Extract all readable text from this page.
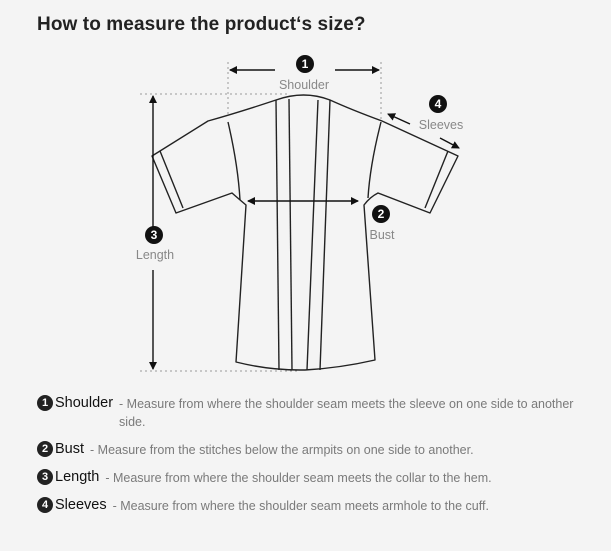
How to measure the product‘s size?
1
Shoulder
2
Bust
3
Length
4
Sleeves
1 Shoulder - Measure from where the shoulder seam meets the sleeve on one side to another side.
2 Bust - Measure from the stitches below the armpits on one side to another.
3 Length - Measure from where the shoulder seam meets the collar to the hem.
4 Sleeves - Measure from where the shoulder seam meets armhole to the cuff.
